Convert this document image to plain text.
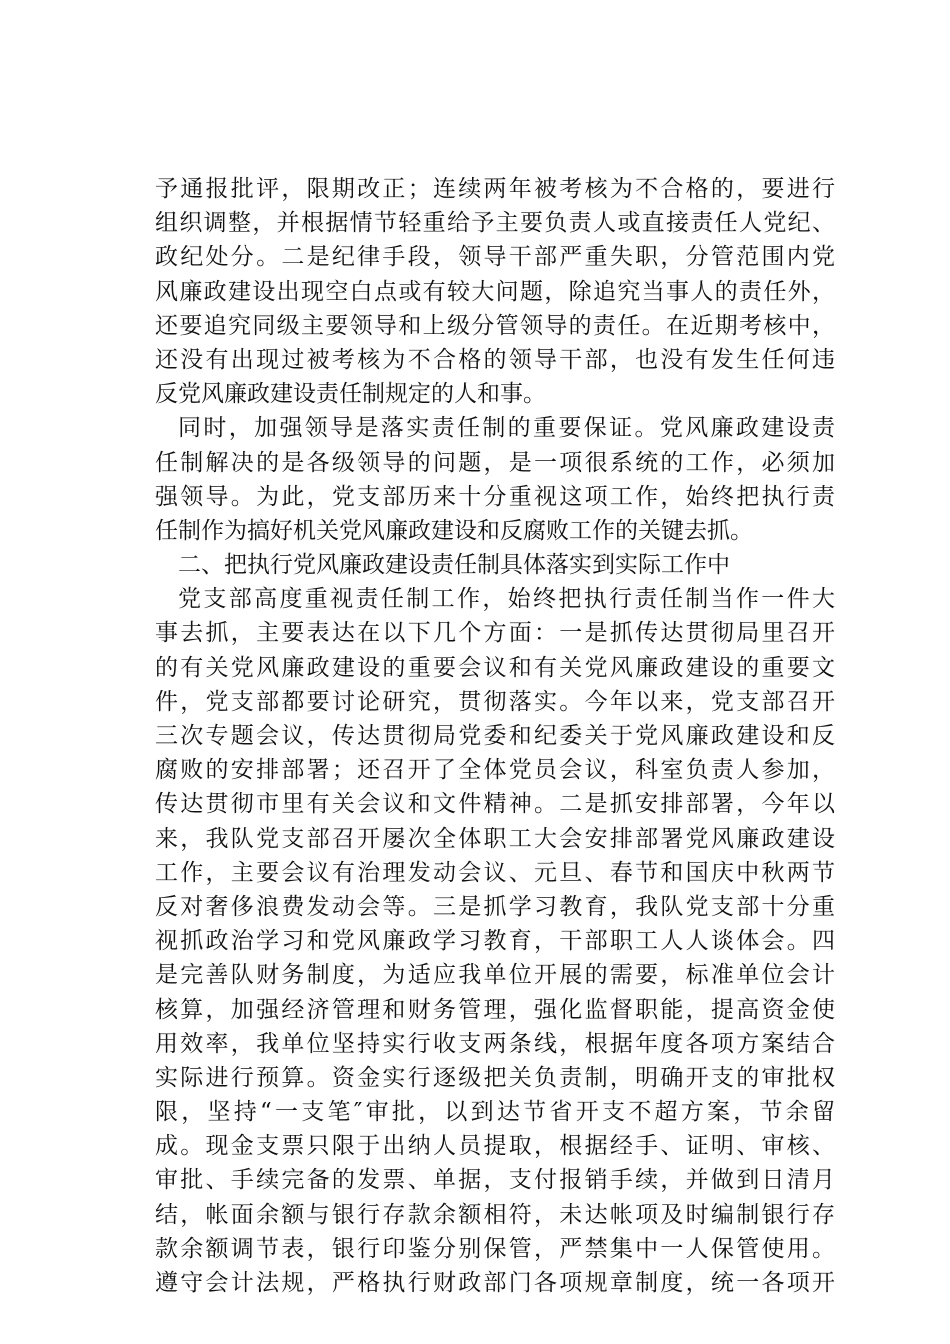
予通报批评，限期改正；连续两年被考核为不合格的，要进行
组织调整，并根据情节轻重给予主要负责人或直接责任人党纪、
政纪处分。二是纪律手段，领导干部严重失职，分管范围内党
风廉政建设出现空白点或有较大问题，除追究当事人的责任外，
还要追究同级主要领导和上级分管领导的责任。在近期考核中，
还没有出现过被考核为不合格的领导干部，也没有发生任何违
反党风廉政建设责任制规定的人和事。
同时，加强领导是落实责任制的重要保证。党风廉政建设责
任制解决的是各级领导的问题，是一项很系统的工作，必须加
强领导。为此，党支部历来十分重视这项工作，始终把执行责
任制作为搞好机关党风廉政建设和反腐败工作的关键去抓。
二、把执行党风廉政建设责任制具体落实到实际工作中
党支部高度重视责任制工作，始终把执行责任制当作一件大
事去抓，主要表达在以下几个方面：一是抓传达贯彻局里召开
的有关党风廉政建设的重要会议和有关党风廉政建设的重要文
件，党支部都要讨论研究，贯彻落实。今年以来，党支部召开
三次专题会议，传达贯彻局党委和纪委关于党风廉政建设和反
腐败的安排部署；还召开了全体党员会议，科室负责人参加，
传达贯彻市里有关会议和文件精神。二是抓安排部署，今年以
来，我队党支部召开屡次全体职工大会安排部署党风廉政建设
工作，主要会议有治理发动会议、元旦、春节和国庆中秋两节
反对奢侈浪费发动会等。三是抓学习教育，我队党支部十分重
视抓政治学习和党风廉政学习教育，干部职工人人谈体会。四
是完善队财务制度，为适应我单位开展的需要，标准单位会计
核算，加强经济管理和财务管理，强化监督职能，提高资金使
用效率，我单位坚持实行收支两条线，根据年度各项方案结合
实际进行预算。资金实行逐级把关负责制，明确开支的审批权
限，坚持“一支笔″审批，以到达节省开支不超方案，节余留
成。现金支票只限于出纳人员提取，根据经手、证明、审核、
审批、手续完备的发票、单据，支付报销手续，并做到日清月
结，帐面余额与银行存款余额相符，未达帐项及时编制银行存
款余额调节表，银行印鉴分别保管，严禁集中一人保管使用。
遵守会计法规，严格执行财政部门各项规章制度，统一各项开
